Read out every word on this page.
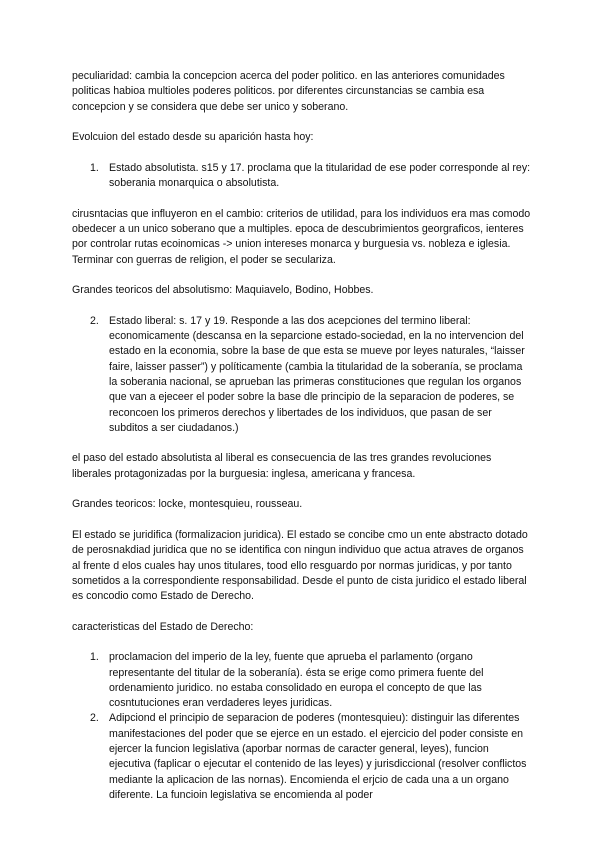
peculiaridad: cambia la concepcion acerca del poder politico. en las anteriores comunidades politicas habioa multioles poderes politicos. por diferentes circunstancias se cambia esa concepcion y se considera que debe ser unico y soberano.

Evolcuion del estado desde su aparición hasta hoy:

1. Estado absolutista. s15 y 17. proclama que la titularidad de ese poder corresponde al rey: soberania monarquica o absolutista.

cirusntacias que influyeron en el cambio: criterios de utilidad, para los individuos era mas comodo obedecer a un unico soberano que a multiples. epoca de descubrimientos georgraficos, ienteres por controlar rutas ecoinomicas -> union intereses monarca y burguesia vs. nobleza e iglesia. Terminar con guerras de religion, el poder se seculariza.

Grandes teoricos del absolutismo: Maquiavelo, Bodino, Hobbes.

2. Estado liberal: s. 17 y 19. Responde a las dos acepciones del termino liberal: economicamente (descansa en la separcione estado-sociedad, en la no intervencion del estado en la economia, sobre la base de que esta se mueve por leyes naturales, “laisser faire, laisser passer”) y políticamente (cambia la titularidad de la soberanía, se proclama la soberania nacional, se aprueban las primeras constituciones que regulan los organos que van a ejeceer el poder sobre la base dle principio de la separacion de poderes, se reconcoen los primeros derechos y libertades de los individuos, que pasan de ser subditos a ser ciudadanos.)

el paso del estado absolutista al liberal es consecuencia de las tres grandes revoluciones liberales protagonizadas por la burguesia: inglesa, americana y francesa.

Grandes teoricos: locke, montesquieu, rousseau.

El estado se juridifica (formalizacion juridica). El estado se concibe cmo un ente abstracto dotado de perosnakdiad juridica que no se identifica con ningun individuo que actua atraves de organos al frente d elos cuales hay unos titulares, tood ello resguardo por normas juridicas, y por tanto sometidos a la correspondiente responsabilidad. Desde el punto de cista juridico el estado liberal es concodio como Estado de Derecho.

caracteristicas del Estado de Derecho:

1. proclamacion del imperio de la ley, fuente que aprueba el parlamento (organo representante del titular de la soberanía). ésta se erige como primera fuente del ordenamiento juridico. no estaba consolidado en europa el concepto de que las cosntutuciones eran verdaderes leyes juridicas.
2. Adipciond el principio de separacion de poderes (montesquieu): distinguir las diferentes manifestaciones del poder que se ejerce en un estado. el ejercicio del poder consiste en ejercer la funcion legislativa (aporbar normas de caracter general, leyes), funcion ejecutiva (faplicar o ejecutar el contenido de las leyes) y jurisdiccional (resolver conflictos mediante la aplicacion de las nornas). Encomienda el erjcio de cada una a un organo diferente. La funcioin legislativa se encomienda al poder
